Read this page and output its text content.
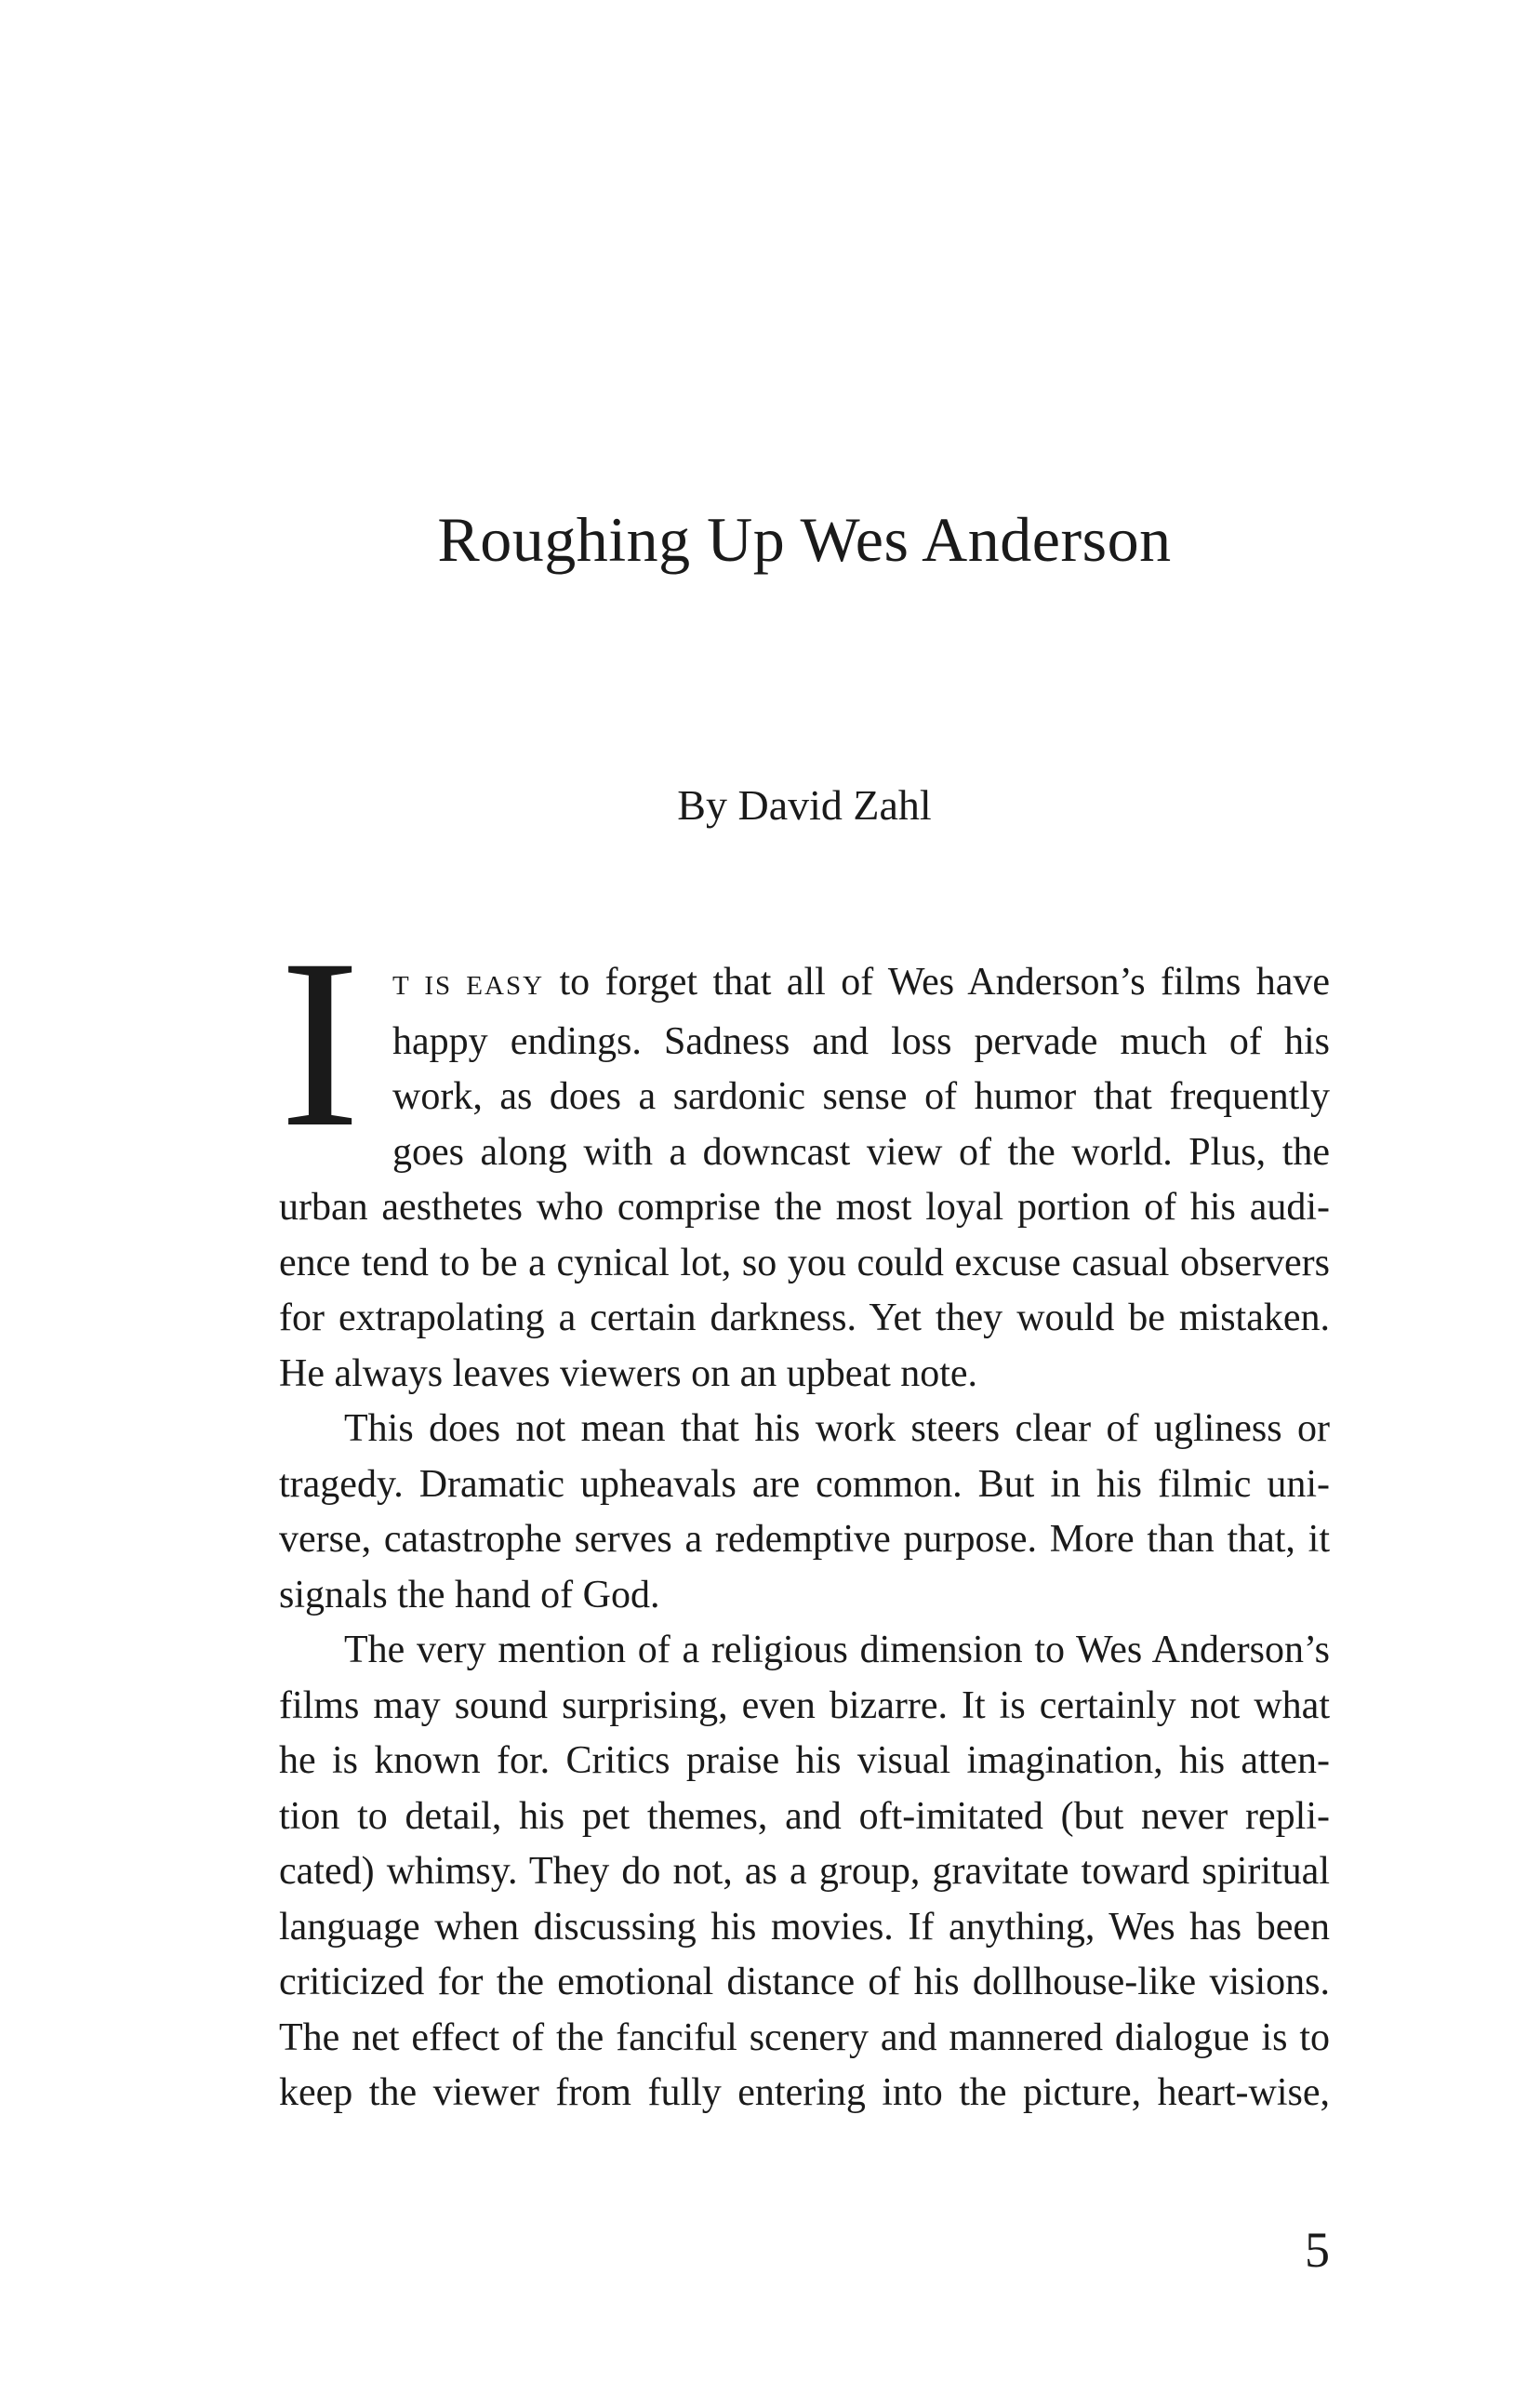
Roughing Up Wes Anderson
By David Zahl
I	T IS EASY to forget that all of Wes Anderson’s films have
happy endings. Sadness and loss pervade much of his
work, as does a sardonic sense of humor that frequently
goes along with a downcast view of the world. Plus, the
urban aesthetes who comprise the most loyal portion of his audi-
ence tend to be a cynical lot, so you could excuse casual observers
for extrapolating a certain darkness. Yet they would be mistaken.
He always leaves viewers on an upbeat note.
This does not mean that his work steers clear of ugliness or
tragedy. Dramatic upheavals are common. But in his filmic uni-
verse, catastrophe serves a redemptive purpose. More than that, it
signals the hand of God.
The very mention of a religious dimension to Wes Anderson’s
films may sound surprising, even bizarre. It is certainly not what
he is known for. Critics praise his visual imagination, his atten-
tion to detail, his pet themes, and oft-imitated (but never repli-
cated) whimsy. They do not, as a group, gravitate toward spiritual
language when discussing his movies. If anything, Wes has been
criticized for the emotional distance of his dollhouse-like visions.
The net effect of the fanciful scenery and mannered dialogue is to
keep the viewer from fully entering into the picture, heart-wise,
5
